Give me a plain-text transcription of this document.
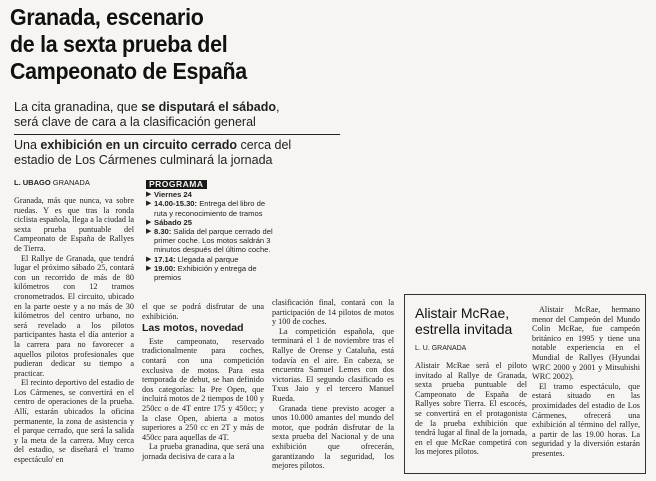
Granada, escenario
de la sexta prueba del
Campeonato de España
La cita granadina, que se disputará el sábado,
será clave de cara a la clasificación general
Una exhibición en un circuito cerrado cerca del
estadio de Los Cármenes culminará la jornada
L. UBAGO GRANADA

Granada, más que nunca, va sobre ruedas. Y es que tras la ronda ciclista española, llega a la ciudad la sexta prueba puntuable del Campeonato de España de Rallyes de Tierra.

El Rallye de Granada, que tendrá lugar el próximo sábado 25, contará con un recorrido de más de 80 kilómetros con 12 tramos cronometrados. El circuito, ubicado en la parte oeste y a no más de 30 kilómetros del centro urbano, no será revelado a los pilotos participantes hasta el día anterior a la carrera para no favorecer a aquellos pilotos profesionales que pudieran dedicar su tiempo a practicar.

El recinto deportivo del estadio de Los Cármenes, se convertirá en el centro de operaciones de la prueba. Allí, estarán ubicados la oficina permanente, la zona de asistencia y el parque cerrado, que será la salida y la meta de la carrera. Muy cerca del estadio, se diseñará el 'tramo espectáculo' en

PROGRAMA
▶ Viernes 24
▶ 14.00-15.30: Entrega del libro de ruta y reconocimiento de tramos
▶ Sábado 25
▶ 8.30: Salida del parque cerrado del primer coche. Los motos saldrán 3 minutos después del último coche.
▶ 17.14: Llegada al parque
▶ 19.00: Exhibición y entrega de premios

el que se podrá disfrutar de una exhibición.

Las motos, novedad

Este campeonato, reservado tradicionalmente para coches, contará con una competición exclusiva de motos. Para esta temporada de debut, se han definido dos categorías: la Pre Open, que incluirá motos de 2 tiempos de 100 y 250cc o de 4T entre 175 y 450cc; y la clase Open, abierta a motos superiores a 250 cc en 2T y más de 450cc para aquellas de 4T.

La prueba granadina, que será una jornada decisiva de cara a la

clasificación final, contará con la participación de 14 pilotos de motos y 100 de coches.

La competición española, que terminará el 1 de noviembre tras el Rallye de Orense y Cataluña, está todavía en el aire. En cabeza, se encuentra Samuel Lemes con dos victorias. El segundo clasificado es Txus Jaio y el tercero Manuel Rueda.

Granada tiene previsto acoger a unos 10.000 amantes del mundo del motor, que podrán disfrutar de la sexta prueba del Nacional y de una exhibición que ofrecerán, garantizando la seguridad, los mejores pilotos.

Alistair McRae,
estrella invitada
L. U. GRANADA

Alistair McRae será el piloto invitado al Rallye de Granada, sexta prueba puntuable del Campeonato de España de Rallyes sobre Tierra. El escocés, se convertirá en el protagonista de la prueba exhibición que tendrá lugar al final de la jornada, en el que McRae competirá con los mejores pilotos.

Alistair McRae, hermano menor del Campeón del Mundo Colin McRae, fue campeón británico en 1995 y tiene una notable experiencia en el Mundial de Rallyes (Hyundai WRC 2000 y 2001 y Mitsubishi WRC 2002).

El tramo espectáculo, que estará situado en las proximidades del estadio de Los Cármenes, ofrecerá una exhibición al término del rallye, a partir de las 19.00 horas. La seguridad y la diversión estarán presentes.
